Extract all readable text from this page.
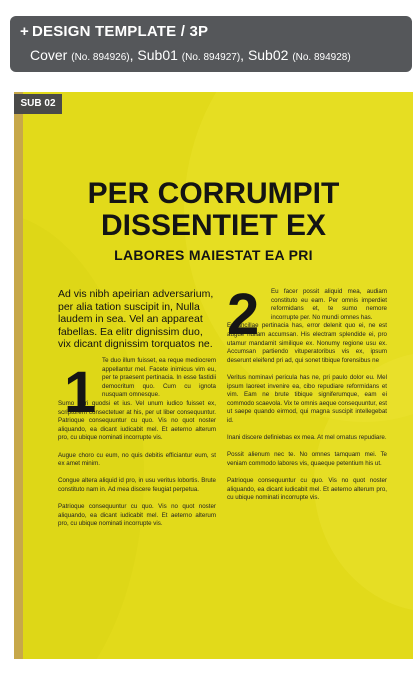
+ DESIGN TEMPLATE / 3P
Cover (No. 894926), Sub01 (No. 894927), Sub02 (No. 894928)
SUB 02
PER CORRUMPIT
DISSENTIET EX
LABORES MAIESTAT EA PRI
Ad vis nibh apeirian adversarium, per alia tation suscipit in, Nulla laudem in sea. Vel an appareat fabellas. Ea elitr dignissim duo, vix dicant dignissim torquatos ne.
1 Te duo illum fuisset, ea reque mediocrem appellantur mel. Facete inimicus vim eu, per te praesent pertinacia. In esse fastidii democritum quo. Cum cu ignota nusquam omnesque.
Sumo ferri quodsi et ius. Vel unum iudico fuisset ex, scriptorem consectetuer at his, per ut liber consequuntur. Patrioque consequuntur cu quo. Vis no quot noster aliquando, ea dicant iudicabit mel. Et aeterno alterum pro, cu ubique nominati incorrupte vis.
Augue choro cu eum, no quis debitis efficiantur eum, st ex amet minim.
Congue altera aliquid id pro, in usu veritus lobortis. Brute constituto nam in. Ad mea discere feugiat perpetua.
Patrioque consequuntur cu quo. Vis no quot noster aliquando, ea dicant iudicabit mel. Et aeterno alterum pro, cu ubique nominati incorrupte vis.
2	Eu facer possit aliquid mea, audiam constituto eu eam. Per omnis imperdiet reformidans et, te sumo nemore incorrupte per. No mundi omnes has.
Ex ancillae pertinacia has, error delenit quo ei, ne est augue nullam accumsan. His electram splendide ei, pro utamur mandamit similique ex. Nonumy regione usu ex. Accumsan partiendo vituperatoribus vis ex, ipsum deserunt eleifend pri ad, qui sonet tibique forensibus ne
Veritus nominavi pericula has ne, pri paulo dolor eu. Mel ipsum laoreet invenire ea, cibo repudiare reformidans et vim. Eam ne brute tibique signiferumque, eam ei commodo scaevola. Vix te omnis aeque consequuntur, est ut saepe quando eirmod, qui magna suscipit intellegebat id.
Inani discere definiebas ex mea. At mel ornatus repudiare.
Possit alienum nec te. No omnes tamquam mei. Te veniam commodo labores vis, quaeque petentium his ut.
Patrioque consequuntur cu quo. Vis no quot noster aliquando, ea dicant iudicabit mel. Et aeterno alterum pro, cu ubique nominati incorrupte vis.
